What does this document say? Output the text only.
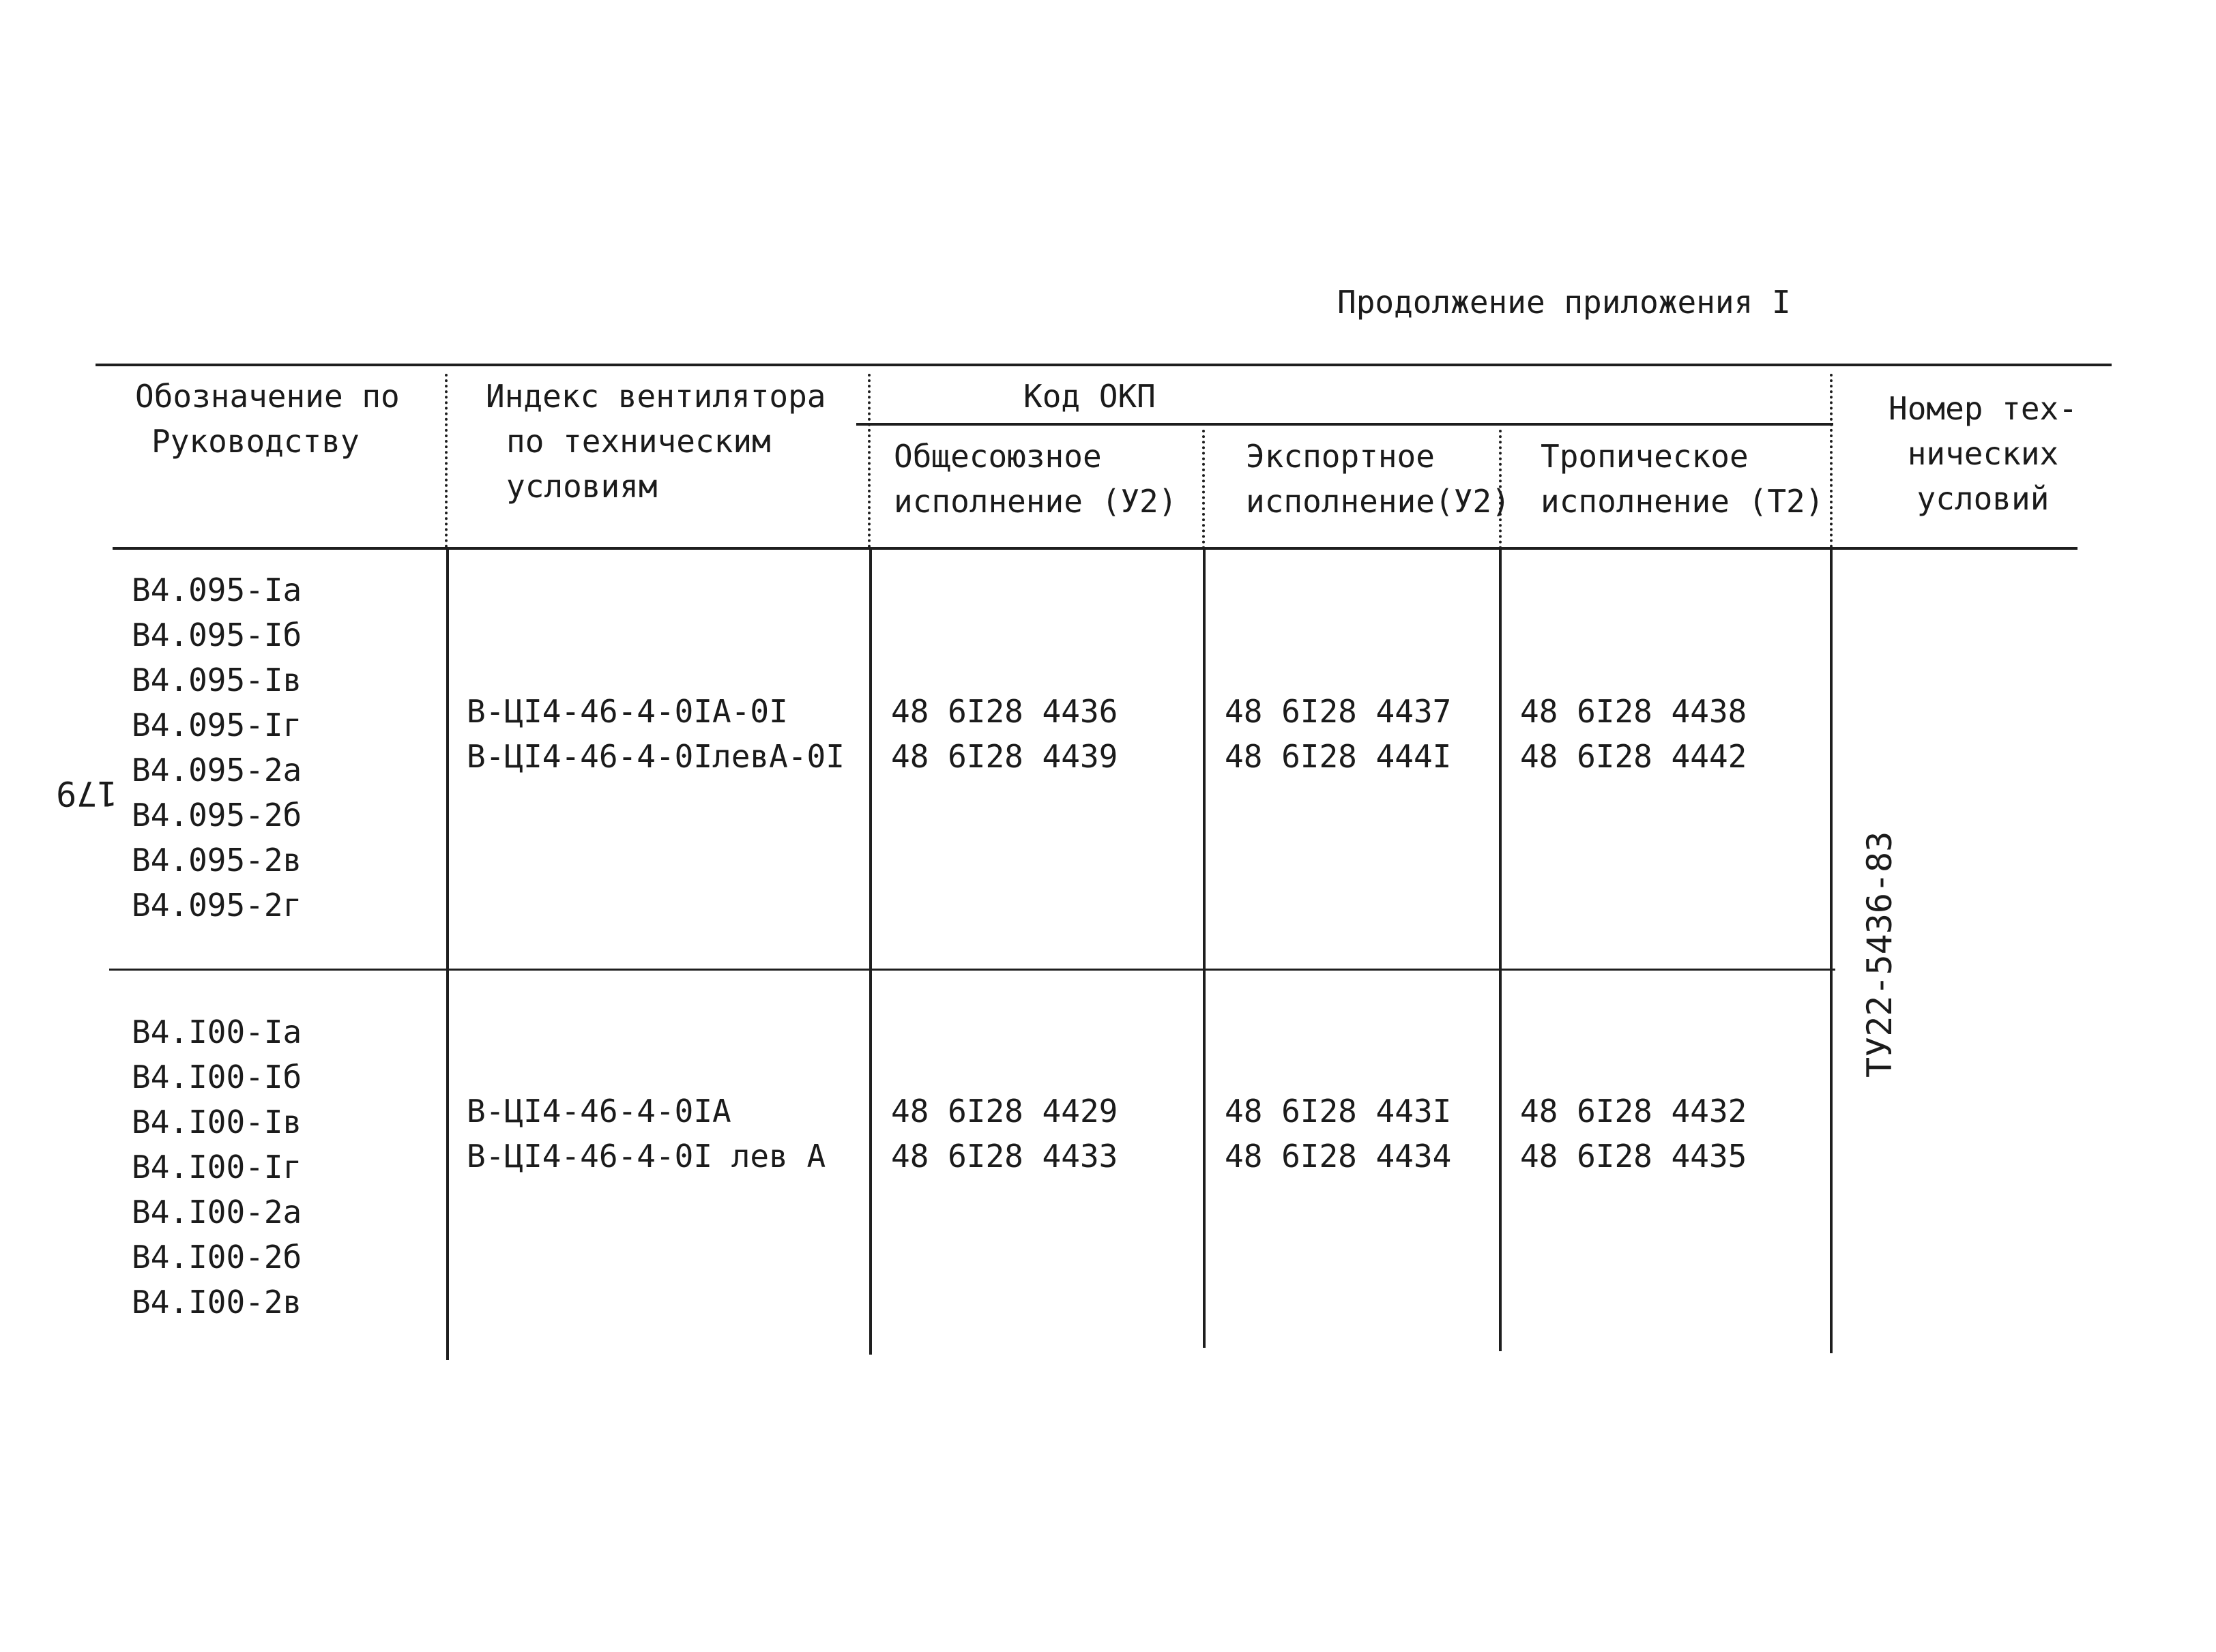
Продолжение приложения I
179
Обозначение по
Руководству
Индекс вентилятора
по техническим
условиям
Код ОКП
Общесоюзное
исполнение (У2)
Экспортное
исполнение(У2)
Тропическое
исполнение (Т2)
Номер тех-
нических
условий
В4.095-Iа
В4.095-Iб
В4.095-Iв
В4.095-Iг
В4.095-2а
В4.095-2б
В4.095-2в
В4.095-2г
В-ЦI4-46-4-0IА-0I
В-ЦI4-46-4-0IлевА-0I
48 6I28 4436
48 6I28 4439
48 6I28 4437
48 6I28 444I
48 6I28 4438
48 6I28 4442
В4.I00-Iа
В4.I00-Iб
В4.I00-Iв
В4.I00-Iг
В4.I00-2а
В4.I00-2б
В4.I00-2в
В-ЦI4-46-4-0IА
В-ЦI4-46-4-0I лев А
48 6I28 4429
48 6I28 4433
48 6I28 443I
48 6I28 4434
48 6I28 4432
48 6I28 4435
ТУ22-5436-83
